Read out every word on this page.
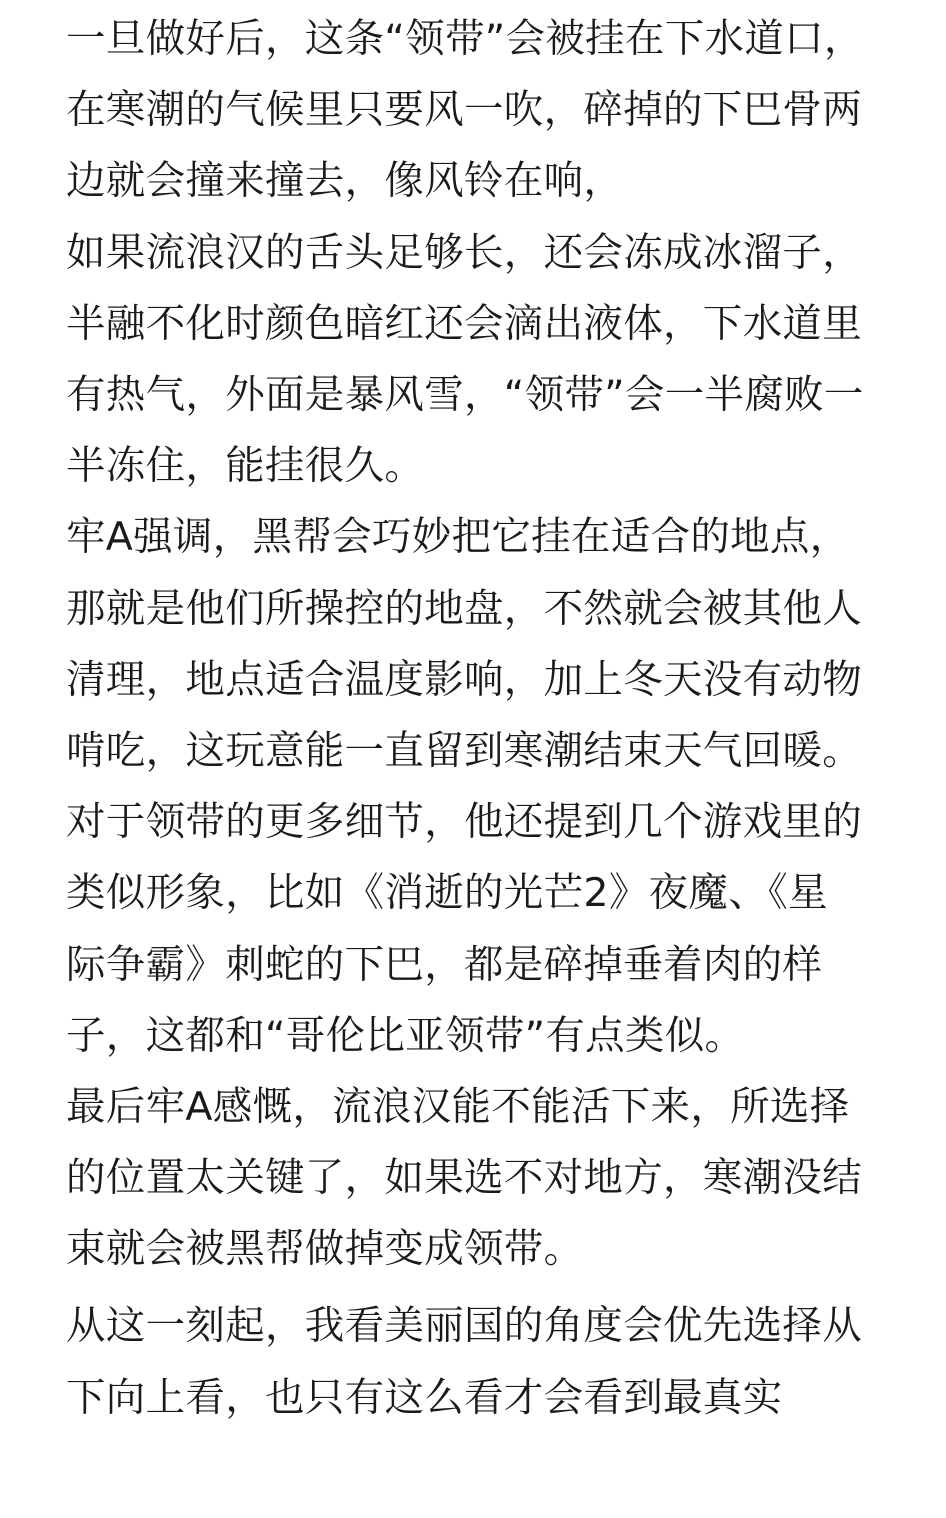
一旦做好后，这条“领带”会被挂在下水道口，在寒潮的气候里只要风一吹，碎掉的下巴骨两边就会撞来撞去，像风铃在响，

如果流浪汉的舌头足够长，还会冻成冰溜子，半融不化时颜色暗红还会滴出液体，下水道里有热气，外面是暴风雪，“领带”会一半腐败一半冻住，能挂很久。

牢A强调，黑帮会巧妙把它挂在适合的地点，那就是他们所操控的地盘，不然就会被其他人清理，地点适合温度影响，加上冬天没有动物啃吃，这玩意能一直留到寒潮结束天气回暖。

对于领带的更多细节，他还提到几个游戏里的类似形象，比如《消逝的光芒2》夜魔、《星际争霸》刺蛇的下巴，都是碎掉垂着肉的样子，这都和“哥伦比亚领带”有点类似。

最后牢A感慨，流浪汉能不能活下来，所选择的位置太关键了，如果选不对地方，寒潮没结束就会被黑帮做掉变成领带。

从这一刻起，我看美丽国的角度会优先选择从下向上看，也只有这么看才会看到最真实
